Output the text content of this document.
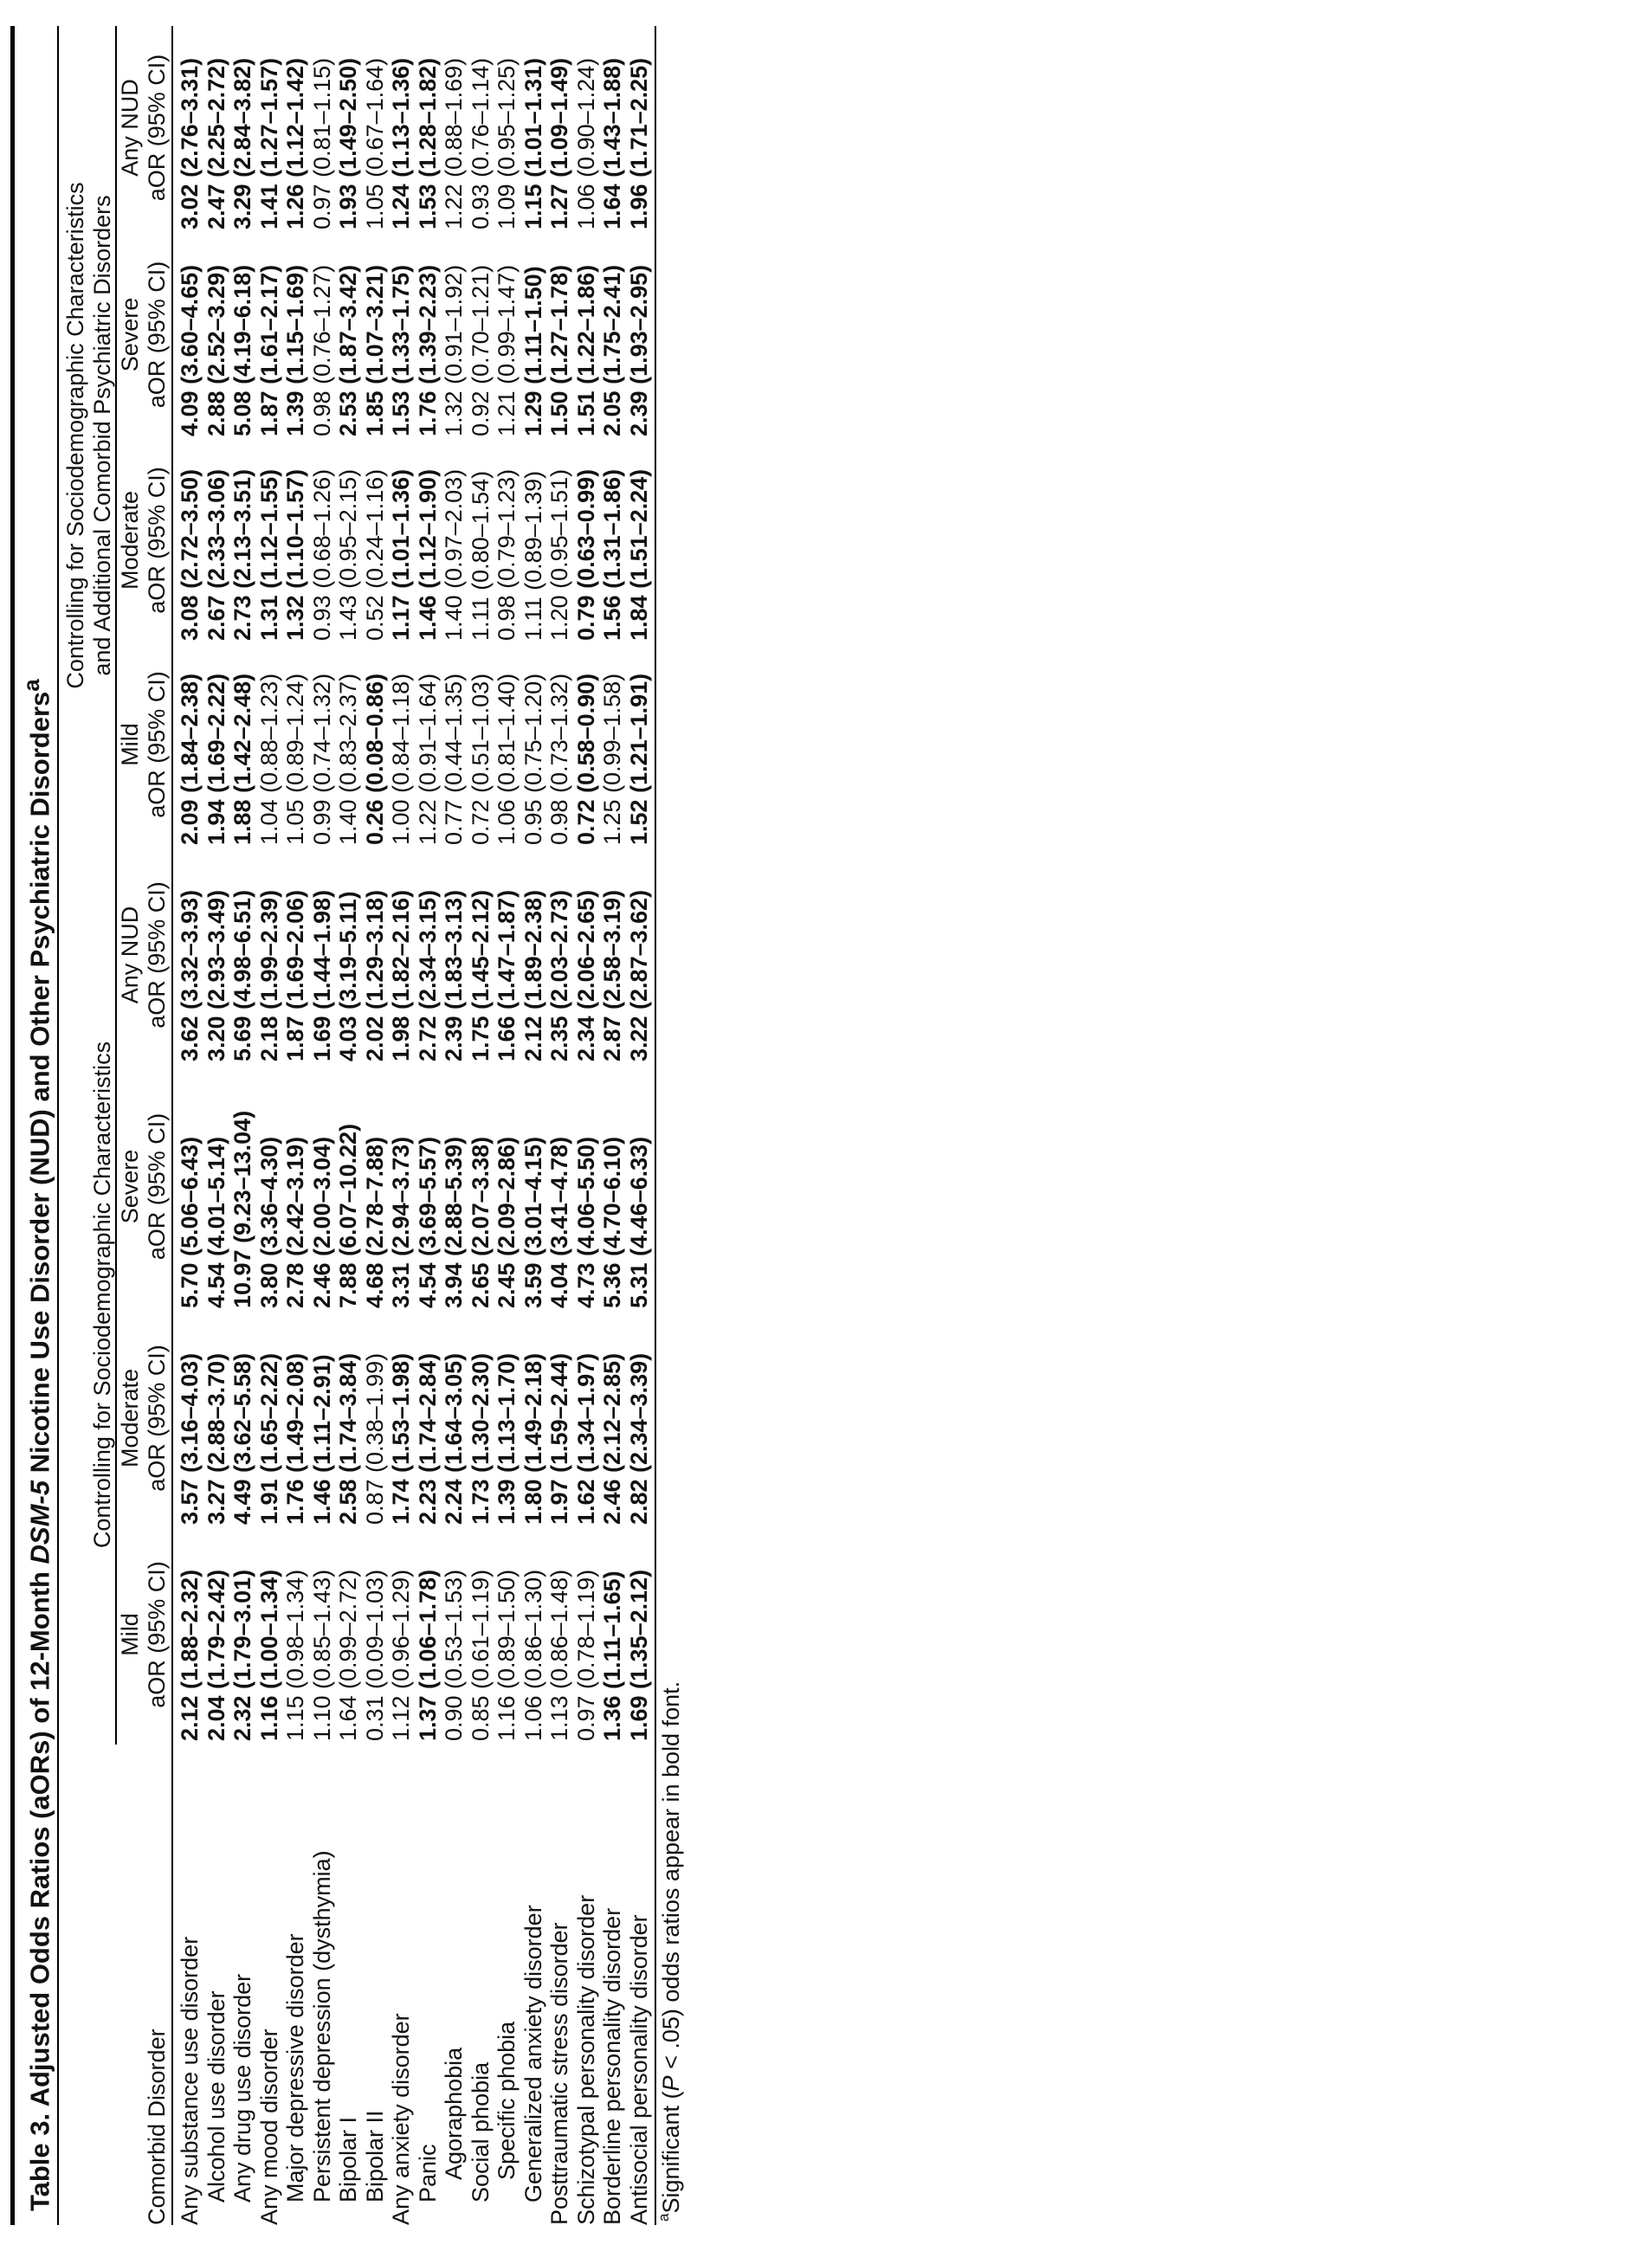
Table 3. Adjusted Odds Ratios (aORs) of 12-Month DSM-5 Nicotine Use Disorder (NUD) and Other Psychiatric Disorders$^a$
	Controlling for Sociodemographic Characteristics				Controlling for Sociodemographic Characteristics and Additional Comorbid Psychiatric Disorders			

	Mild	Moderate	Severe	Any NUD	Mild	Moderate	Severe	Any NUD
Comorbid Disorder	aOR (95% CI)	aOR (95% CI)	aOR (95% CI)	aOR (95% CI)	aOR (95% CI)	aOR (95% CI)	aOR (95% CI)	aOR (95% CI)
Any substance use disorder	2.12 (1.88–2.32)	3.57 (3.16–4.03)	5.70 (5.06–6.43)	3.62 (3.32–3.93)	2.09 (1.84–2.38)	3.08 (2.72–3.50)	4.09 (3.60–4.65)	3.02 (2.76–3.31)
Alcohol use disorder	2.04 (1.79–2.42)	3.27 (2.88–3.70)	4.54 (4.01–5.14)	3.20 (2.93–3.49)	1.94 (1.69–2.22)	2.67 (2.33–3.06)	2.88 (2.52–3.29)	2.47 (2.25–2.72)
Any drug use disorder	2.32 (1.79–3.01)	4.49 (3.62–5.58)	10.97 (9.23–13.04)	5.69 (4.98–6.51)	1.88 (1.42–2.48)	2.73 (2.13–3.51)	5.08 (4.19–6.18)	3.29 (2.84–3.82)
Any mood disorder	1.16 (1.00–1.34)	1.91 (1.65–2.22)	3.80 (3.36–4.30)	2.18 (1.99–2.39)	1.04 (0.88–1.23)	1.31 (1.12–1.55)	1.87 (1.61–2.17)	1.41 (1.27–1.57)
Major depressive disorder	1.15 (0.98–1.34)	1.76 (1.49–2.08)	2.78 (2.42–3.19)	1.87 (1.69–2.06)	1.05 (0.89–1.24)	1.32 (1.10–1.57)	1.39 (1.15–1.69)	1.26 (1.12–1.42)
Persistent depression (dysthymia)	1.10 (0.85–1.43)	1.46 (1.11–2.91)	2.46 (2.00–3.04)	1.69 (1.44–1.98)	0.99 (0.74–1.32)	0.93 (0.68–1.26)	0.98 (0.76–1.27)	0.97 (0.81–1.15)
Bipolar I	1.64 (0.99–2.72)	2.58 (1.74–3.84)	7.88 (6.07–10.22)	4.03 (3.19–5.11)	1.40 (0.83–2.37)	1.43 (0.95–2.15)	2.53 (1.87–3.42)	1.93 (1.49–2.50)
Bipolar II	0.31 (0.09–1.03)	0.87 (0.38–1.99)	4.68 (2.78–7.88)	2.02 (1.29–3.18)	0.26 (0.08–0.86)	0.52 (0.24–1.16)	1.85 (1.07–3.21)	1.05 (0.67–1.64)
Any anxiety disorder	1.12 (0.96–1.29)	1.74 (1.53–1.98)	3.31 (2.94–3.73)	1.98 (1.82–2.16)	1.00 (0.84–1.18)	1.17 (1.01–1.36)	1.53 (1.33–1.75)	1.24 (1.13–1.36)
Panic	1.37 (1.06–1.78)	2.23 (1.74–2.84)	4.54 (3.69–5.57)	2.72 (2.34–3.15)	1.22 (0.91–1.64)	1.46 (1.12–1.90)	1.76 (1.39–2.23)	1.53 (1.28–1.82)
Agoraphobia	0.90 (0.53–1.53)	2.24 (1.64–3.05)	3.94 (2.88–5.39)	2.39 (1.83–3.13)	0.77 (0.44–1.35)	1.40 (0.97–2.03)	1.32 (0.91–1.92)	1.22 (0.88–1.69)
Social phobia	0.85 (0.61–1.19)	1.73 (1.30–2.30)	2.65 (2.07–3.38)	1.75 (1.45–2.12)	0.72 (0.51–1.03)	1.11 (0.80–1.54)	0.92 (0.70–1.21)	0.93 (0.76–1.14)
Specific phobia	1.16 (0.89–1.50)	1.39 (1.13–1.70)	2.45 (2.09–2.86)	1.66 (1.47–1.87)	1.06 (0.81–1.40)	0.98 (0.79–1.23)	1.21 (0.99–1.47)	1.09 (0.95–1.25)
Generalized anxiety disorder	1.06 (0.86–1.30)	1.80 (1.49–2.18)	3.59 (3.01–4.15)	2.12 (1.89–2.38)	0.95 (0.75–1.20)	1.11 (0.89–1.39)	1.29 (1.11–1.50)	1.15 (1.01–1.31)
Posttraumatic stress disorder	1.13 (0.86–1.48)	1.97 (1.59–2.44)	4.04 (3.41–4.78)	2.35 (2.03–2.73)	0.98 (0.73–1.32)	1.20 (0.95–1.51)	1.50 (1.27–1.78)	1.27 (1.09–1.49)
Schizotypal personality disorder	0.97 (0.78–1.19)	1.62 (1.34–1.97)	4.73 (4.06–5.50)	2.34 (2.06–2.65)	0.72 (0.58–0.90)	0.79 (0.63–0.99)	1.51 (1.22–1.86)	1.06 (0.90–1.24)
Borderline personality disorder	1.36 (1.11–1.65)	2.46 (2.12–2.85)	5.36 (4.70–6.10)	2.87 (2.58–3.19)	1.25 (0.99–1.58)	1.56 (1.31–1.86)	2.05 (1.75–2.41)	1.64 (1.43–1.88)
Antisocial personality disorder	1.69 (1.35–2.12)	2.82 (2.34–3.39)	5.31 (4.46–6.33)	3.22 (2.87–3.62)	1.52 (1.21–1.91)	1.84 (1.51–2.24)	2.39 (1.93–2.95)	1.96 (1.71–2.25)
$^a$Significant (P < .05) odds ratios appear in bold font.
